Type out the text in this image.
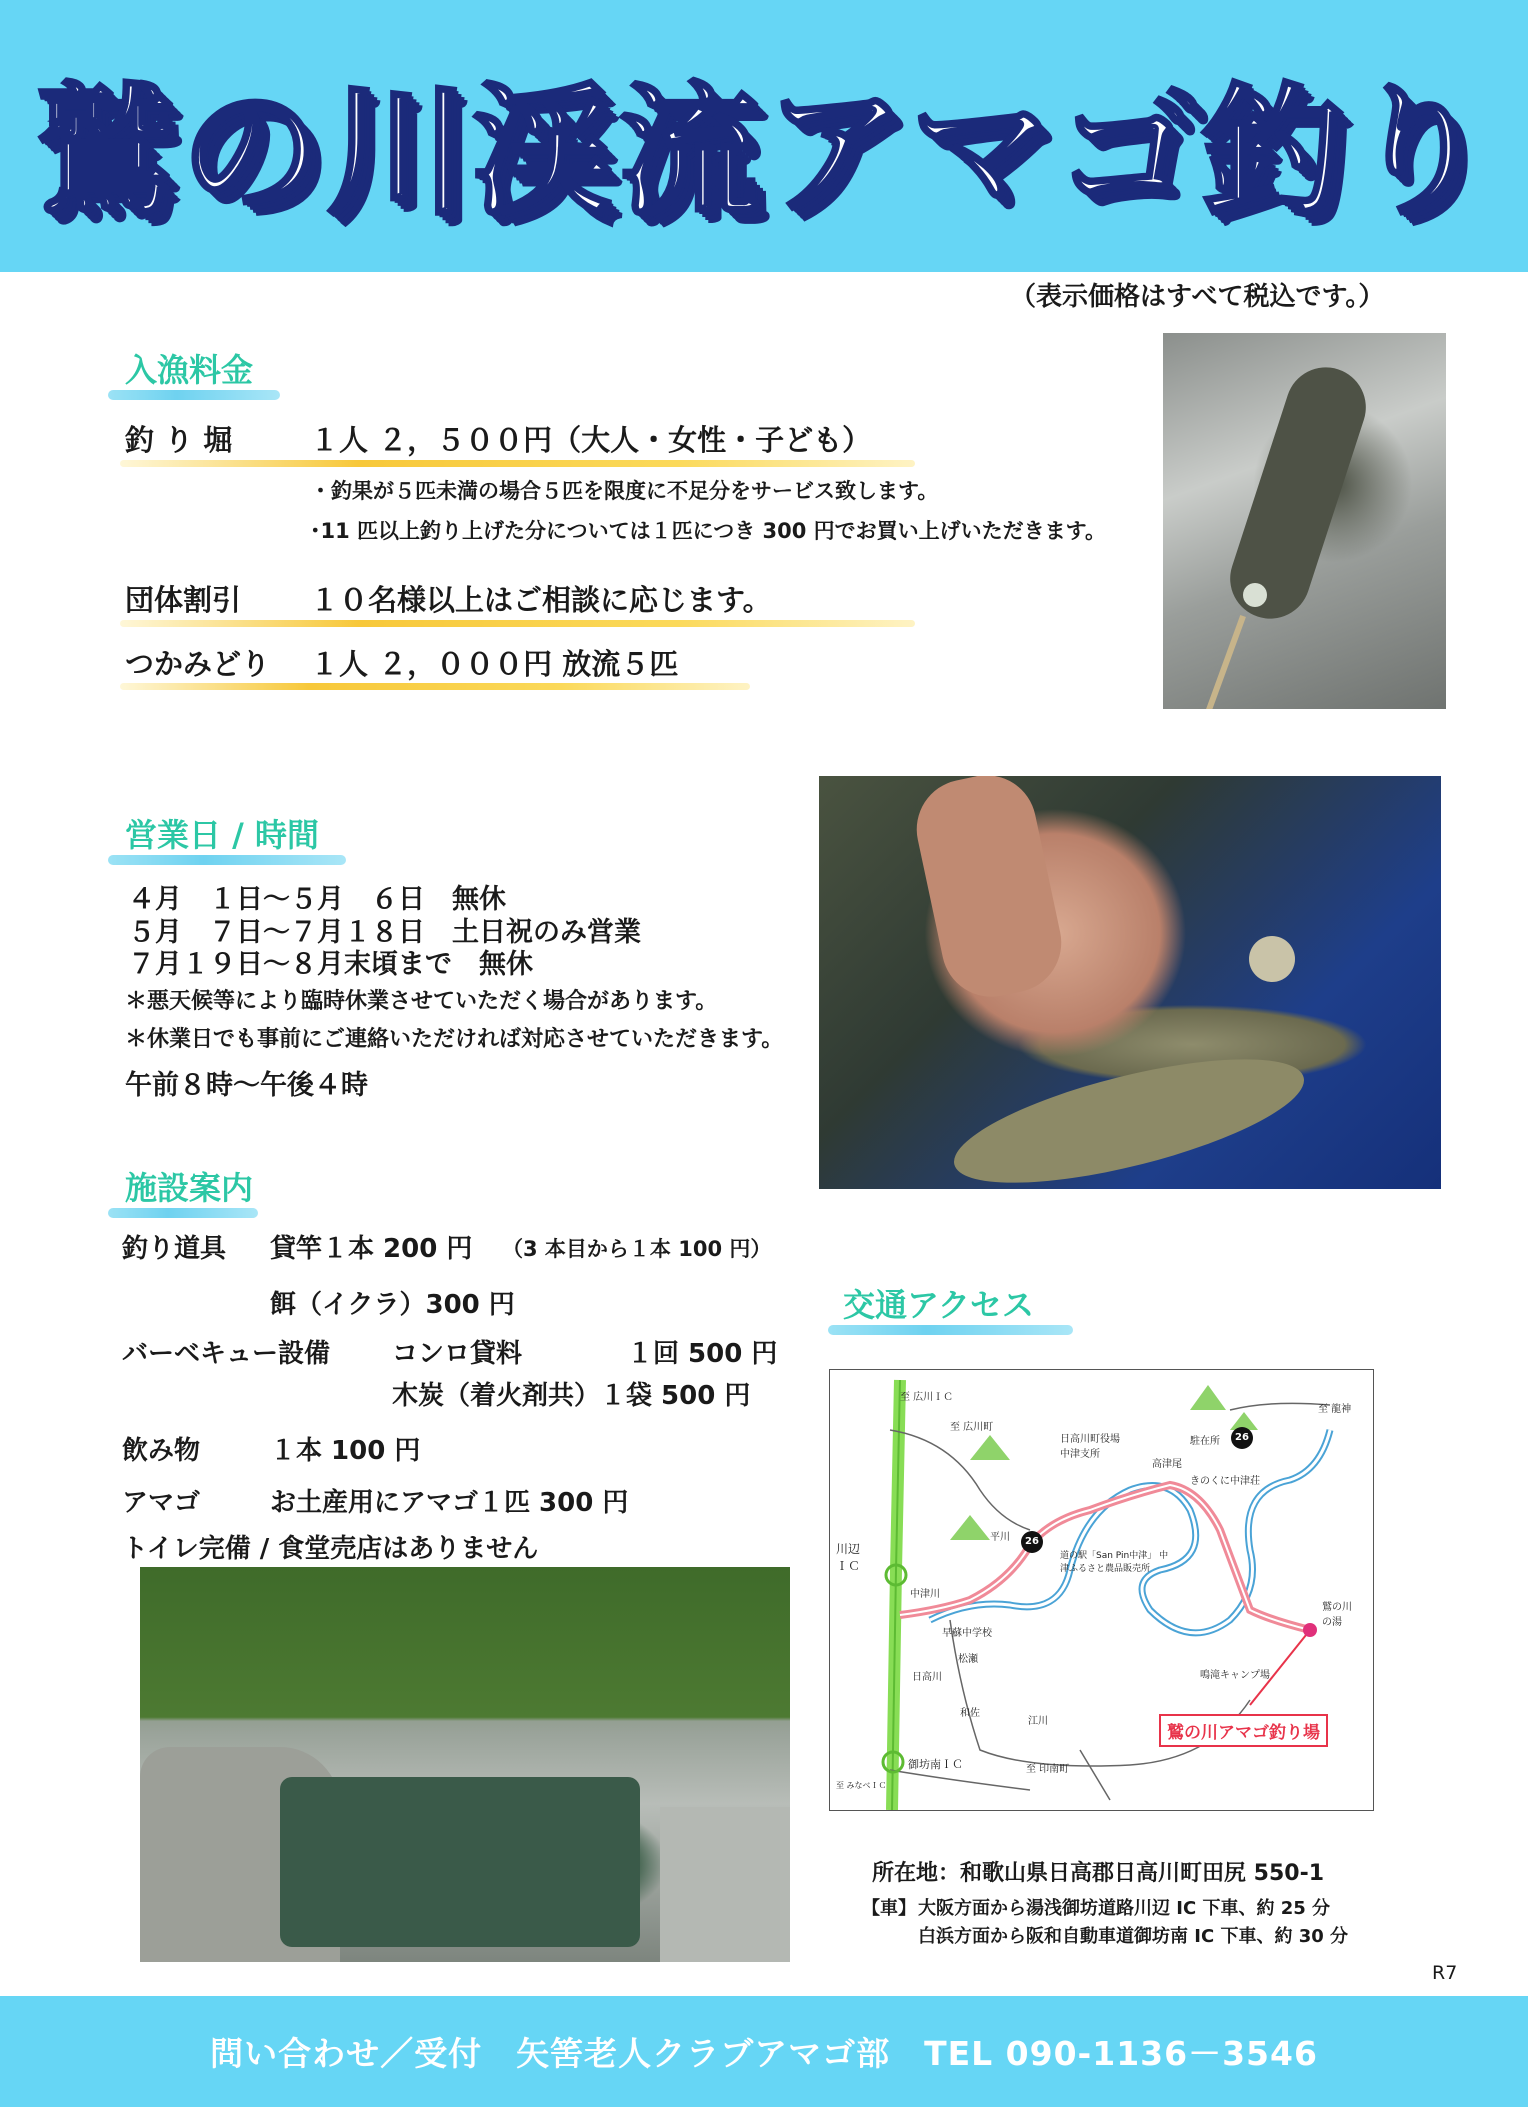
鷲の川渓流アマゴ釣り
（表示価格はすべて税込です。）
入漁料金
釣 り 堀	１人 ２，５００円（大人・女性・子ども）
・釣果が５匹未満の場合５匹を限度に不足分をサービス致します。
･11 匹以上釣り上げた分については１匹につき 300 円でお買い上げいただきます。
団体割引 １０名様以上はご相談に応じます。
つかみどり １人 ２，０００円 放流５匹
営業日 / 時間
４月　１日～５月　６日　無休
５月　７日～７月１８日　土日祝のみ営業
７月１９日～８月末頃まで　無休
＊悪天候等により臨時休業させていただく場合があります。
＊休業日でも事前にご連絡いただければ対応させていただきます。
午前８時～午後４時
施設案内
釣り道具 貸竿１本 200 円 （3 本目から１本 100 円）
餌（イクラ）300 円
バーベキュー設備 コンロ貸料	１回 500 円
木炭（着火剤共）１袋 500 円
飲み物	１本 100 円
アマゴ	お土産用にアマゴ１匹 300 円
トイレ完備 / 食堂売店はありません
交通アクセス
至 広川ＩＣ
至 広川町
至 龍神
日高川町役場 中津支所
駐在所
高津尾
きのくに中津荘
26
26
平川
道の駅「San Pin中津」 中津ふるさと農品販売所
川辺 ＩＣ
中津川
早蘇中学校
日高川
松瀬
和佐
江川
鳴滝キャンプ場
鷲の川 の湯
御坊南ＩＣ
至 みなべＩＣ
至 印南町
鷲の川アマゴ釣り場
所在地：和歌山県日高郡日高川町田尻 550-1
【車】 大阪方面から湯浅御坊道路川辺 IC 下車、約 25 分
白浜方面から阪和自動車道御坊南 IC 下車、約 30 分
R7
問い合わせ／受付　矢筈老人クラブアマゴ部　TEL 090-1136－3546
